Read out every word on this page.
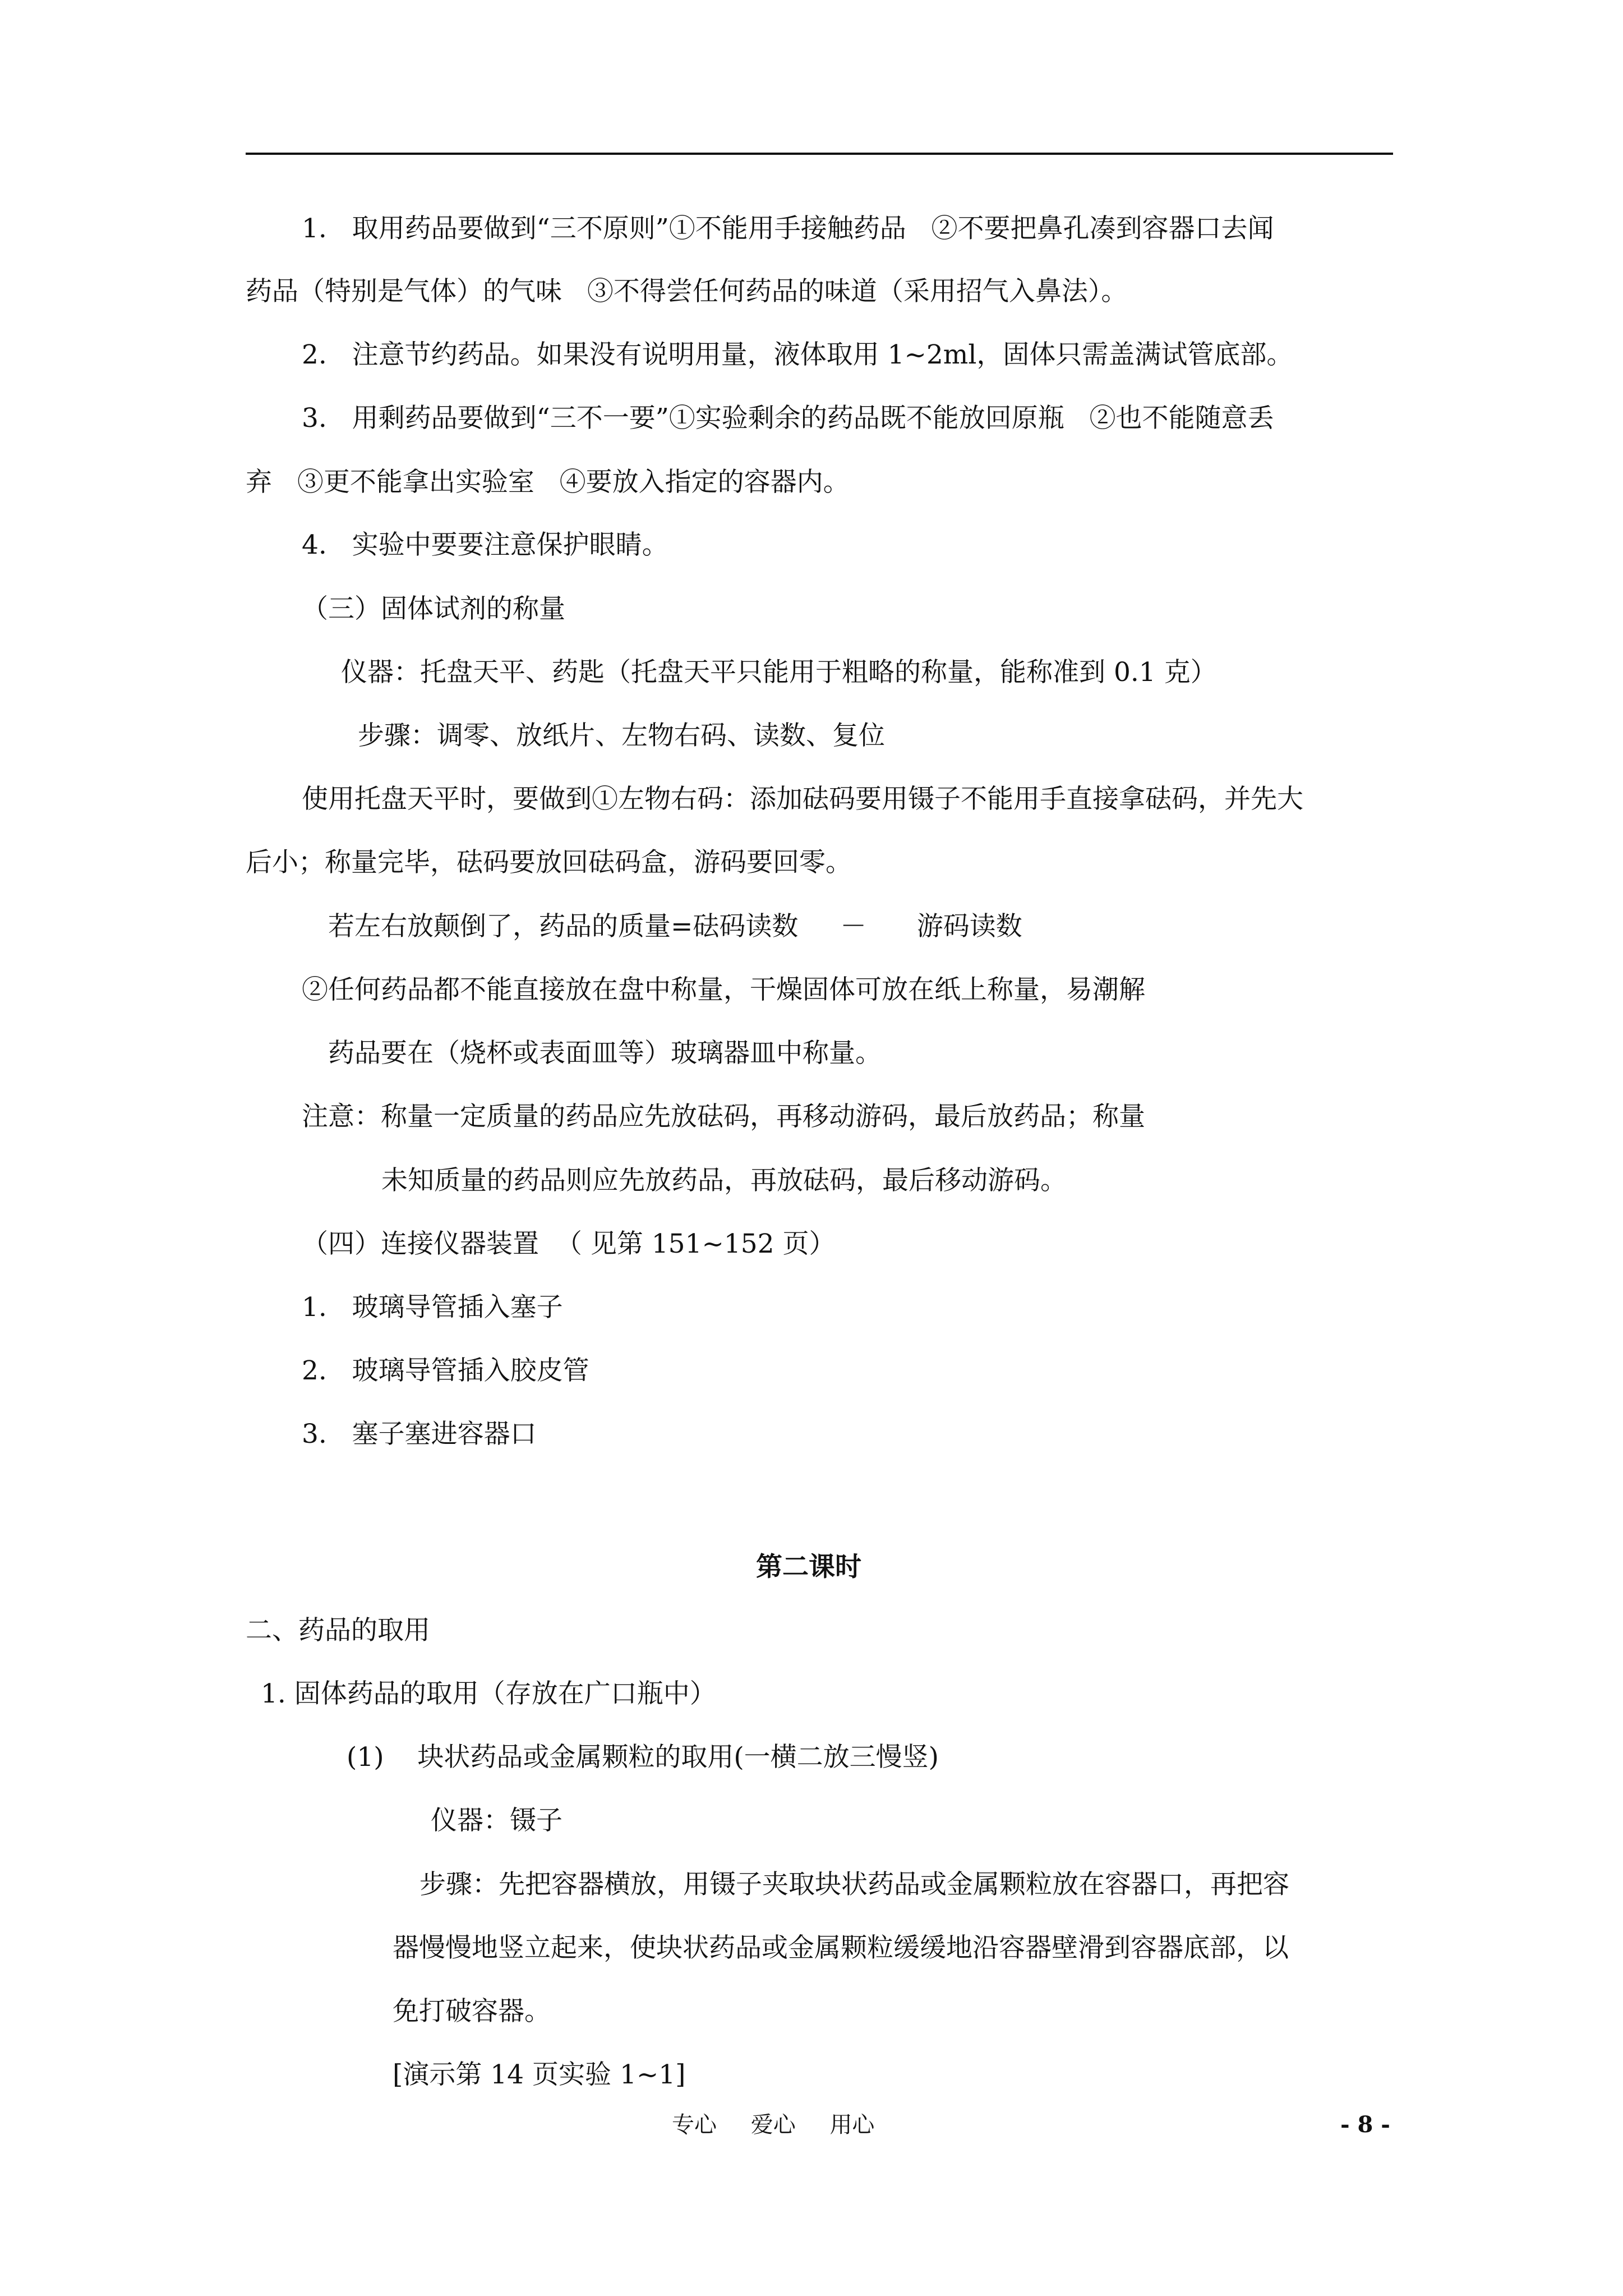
1.   取用药品要做到“三不原则”①不能用手接触药品   ②不要把鼻孔凑到容器口去闻
药品（特别是气体）的气味   ③不得尝任何药品的味道（采用招气入鼻法）。
2.   注意节约药品。如果没有说明用量，液体取用 1~2ml，固体只需盖满试管底部。
3.   用剩药品要做到“三不一要”①实验剩余的药品既不能放回原瓶   ②也不能随意丢
弃   ③更不能拿出实验室   ④要放入指定的容器内。
4.   实验中要要注意保护眼睛。
（三）固体试剂的称量
仪器：托盘天平、药匙（托盘天平只能用于粗略的称量，能称准到 0.1 克）
步骤：调零、放纸片、左物右码、读数、复位
使用托盘天平时，要做到①左物右码：添加砝码要用镊子不能用手直接拿砝码，并先大
后小；称量完毕，砝码要放回砝码盒，游码要回零。
若左右放颠倒了，药品的质量=砝码读数     －      游码读数
②任何药品都不能直接放在盘中称量，干燥固体可放在纸上称量，易潮解
药品要在（烧杯或表面皿等）玻璃器皿中称量。
注意：称量一定质量的药品应先放砝码，再移动游码，最后放药品；称量
未知质量的药品则应先放药品，再放砝码，最后移动游码。
（四）连接仪器装置  （ 见第 151~152 页）
1.   玻璃导管插入塞子
2.   玻璃导管插入胶皮管
3.   塞子塞进容器口
第二课时
二、药品的取用
1. 固体药品的取用（存放在广口瓶中）
(1)    块状药品或金属颗粒的取用(一横二放三慢竖)
仪器：镊子
步骤：先把容器横放，用镊子夹取块状药品或金属颗粒放在容器口，再把容
器慢慢地竖立起来，使块状药品或金属颗粒缓缓地沿容器壁滑到容器底部，以
免打破容器。
[演示第 14 页实验 1~1]
专心 爱心 用心	- 8 -
